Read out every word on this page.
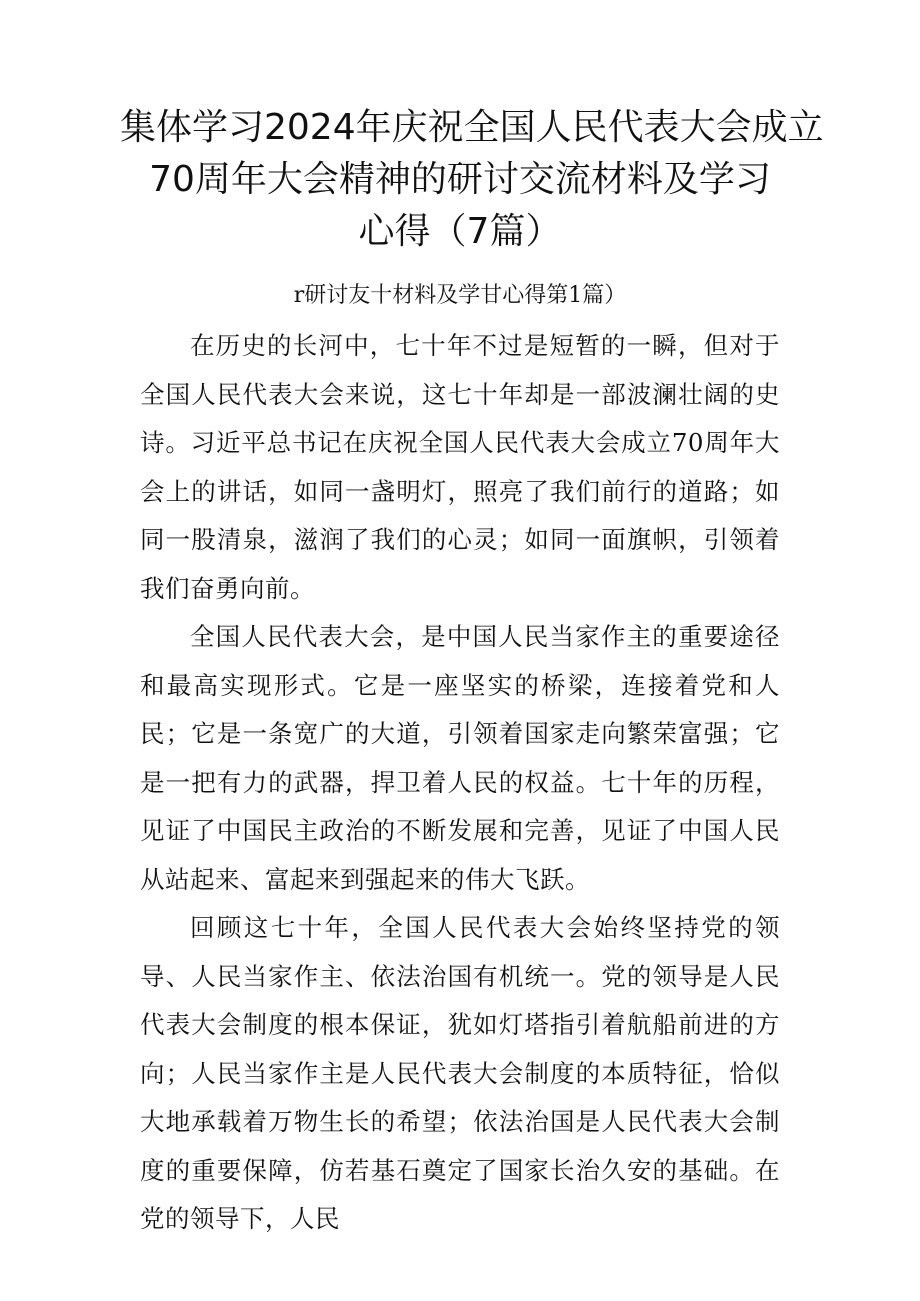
集体学习2024年庆祝全国人民代表大会成立
70周年大会精神的研讨交流材料及学习
心得（7篇）
r研讨友十材料及学甘心得第1篇）

在历史的长河中，七十年不过是短暂的一瞬，但对于全国人民代表大会来说，这七十年却是一部波澜壮阔的史诗。习近平总书记在庆祝全国人民代表大会成立70周年大会上的讲话，如同一盏明灯，照亮了我们前行的道路；如同一股清泉，滋润了我们的心灵；如同一面旗帜，引领着我们奋勇向前。

全国人民代表大会，是中国人民当家作主的重要途径和最高实现形式。它是一座坚实的桥梁，连接着党和人民；它是一条宽广的大道，引领着国家走向繁荣富强；它是一把有力的武器，捍卫着人民的权益。七十年的历程，见证了中国民主政治的不断发展和完善，见证了中国人民从站起来、富起来到强起来的伟大飞跃。

回顾这七十年，全国人民代表大会始终坚持党的领导、人民当家作主、依法治国有机统一。党的领导是人民代表大会制度的根本保证，犹如灯塔指引着航船前进的方向；人民当家作主是人民代表大会制度的本质特征，恰似大地承载着万物生长的希望；依法治国是人民代表大会制度的重要保障，仿若基石奠定了国家长治久安的基础。在党的领导下，人民
